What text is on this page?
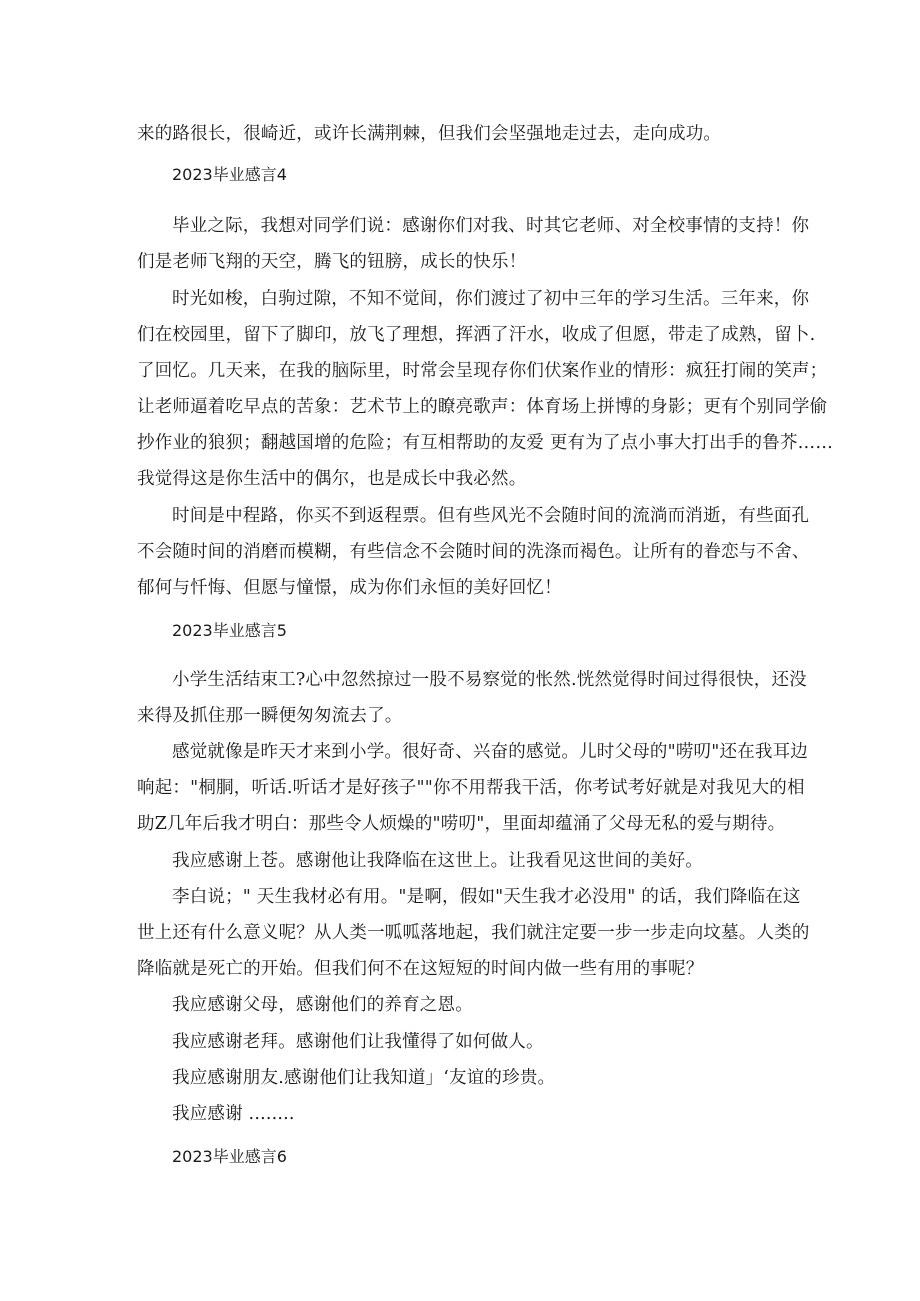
来的路很长，很崎近，或许长满荆棘，但我们会坚强地走过去，走向成功。
2023毕业感言4
毕业之际，我想对同学们说：感谢你们对我、时其它老师、对全校事情的支持！你
们是老师飞翔的天空，腾飞的钮膀，成长的快乐！
时光如梭，白驹过隙，不知不觉间，你们渡过了初中三年的学习生活。三年来，你
们在校园里，留下了脚印，放飞了理想，挥洒了汗水，收成了但愿，带走了成熟，留卜.
了回忆。几天来，在我的脑际里，时常会呈现存你们伏案作业的情形：疯狂打闹的笑声；
让老师逼着吃早点的苦象：艺术节上的瞭亮歌声：体育场上拼博的身影；更有个别同学偷
抄作业的狼狈；翻越国增的危险；有互相帮助的友爱 更有为了点小事大打出手的鲁芥……
我觉得这是你生活中的偶尔，也是成长中我必然。
时间是中程路，你买不到返程票。但有些风光不会随时间的流淌而消逝，有些面孔
不会随时间的消磨而模糊，有些信念不会随时间的洗涤而褐色。让所有的眷恋与不舍、
郁何与忏悔、但愿与憧憬，成为你们永恒的美好回忆！
2023毕业感言5
小学生活结束工?心中忽然掠过一股不易察觉的怅然.恍然觉得时间过得很快，还没
来得及抓住那一瞬便匆匆流去了。
感觉就像是昨天才来到小学。很好奇、兴奋的感觉。儿时父母的"唠叨"还在我耳边
响起："桐胴，听话.听话才是好孩子""你不用帮我干活，你考试考好就是对我见大的相
助Z几年后我才明白：那些令人烦燥的"唠叨"，里面却蕴涌了父母无私的爱与期待。
我应感谢上苍。感谢他让我降临在这世上。让我看见这世间的美好。
李白说；" 天生我材必有用。"是啊，假如"天生我才必没用" 的话，我们降临在这
世上还有什么意义呢？从人类一呱呱落地起，我们就注定要一步一步走向坟墓。人类的
降临就是死亡的开始。但我们何不在这短短的时间内做一些有用的事呢？
我应感谢父母，感谢他们的养育之恩。
我应感谢老拜。感谢他们让我懂得了如何做人。
我应感谢朋友.感谢他们让我知道」‘友谊的珍贵。
我应感谢 ........
2023毕业感言6
